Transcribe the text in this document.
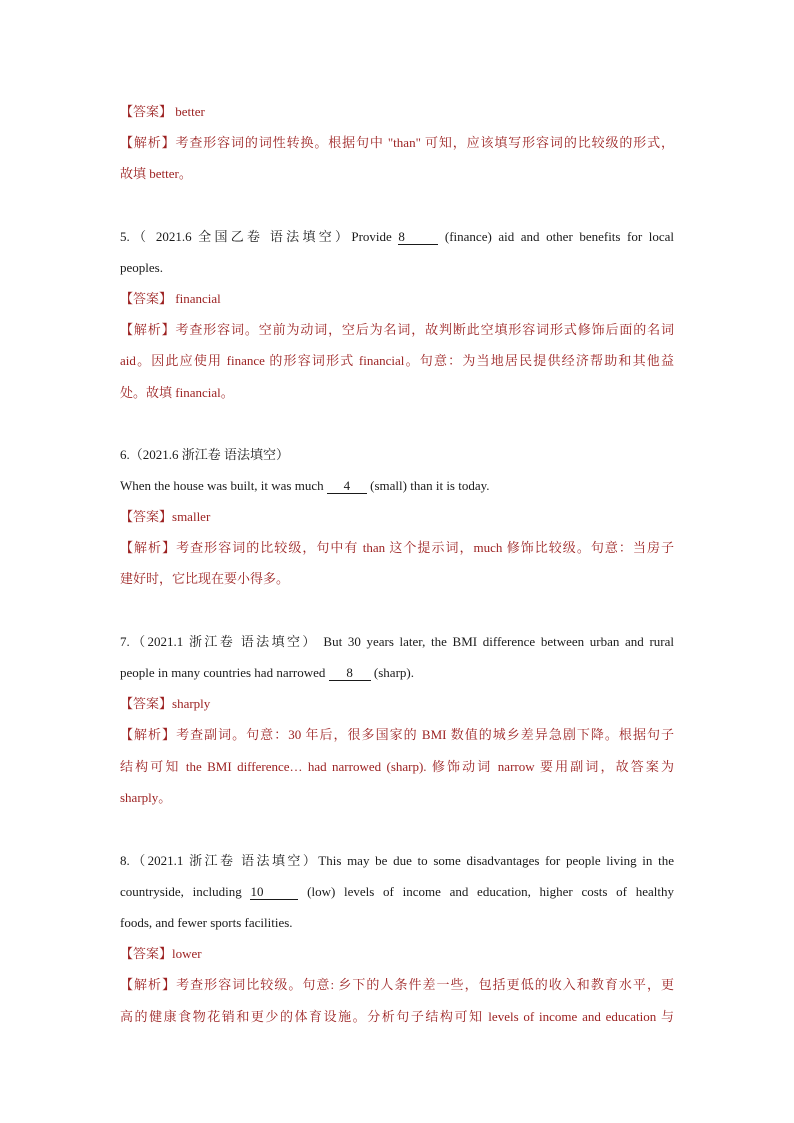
【答案】 better
【解析】考查形容词的词性转换。根据句中 "than" 可知，应该填写形容词的比较级的形式，
故填 better。
5.（ 2021.6 全国乙卷 语法填空）Provide 8	(finance) aid and other benefits for local
peoples.
【答案】 financial
【解析】考查形容词。空前为动词，空后为名词，故判断此空填形容词形式修饰后面的名词
aid。因此应使用 finance 的形容词形式 financial。句意：为当地居民提供经济帮助和其他益
处。故填 financial。
6.（2021.6 浙江卷 语法填空）
When the house was built, it was much 4 (small) than it is today.
【答案】smaller
【解析】考查形容词的比较级，句中有 than 这个提示词，much 修饰比较级。句意：当房子
建好时，它比现在要小得多。
7.（2021.1 浙江卷 语法填空） But 30 years later, the BMI difference between urban and rural
people in many countries had narrowed 8 (sharp).
【答案】sharply
【解析】考查副词。句意：30 年后，很多国家的 BMI 数值的城乡差异急剧下降。根据句子
结构可知 the BMI difference… had narrowed (sharp). 修饰动词 narrow 要用副词，故答案为
sharply。
8.（2021.1 浙江卷 语法填空）This may be due to some disadvantages for people living in the
countryside, including 10	(low) levels of income and education, higher costs of healthy
foods, and fewer sports facilities.
【答案】lower
【解析】考查形容词比较级。句意: 乡下的人条件差一些，包括更低的收入和教育水平，更
高的健康食物花销和更少的体育设施。分析句子结构可知 levels of income and education 与
